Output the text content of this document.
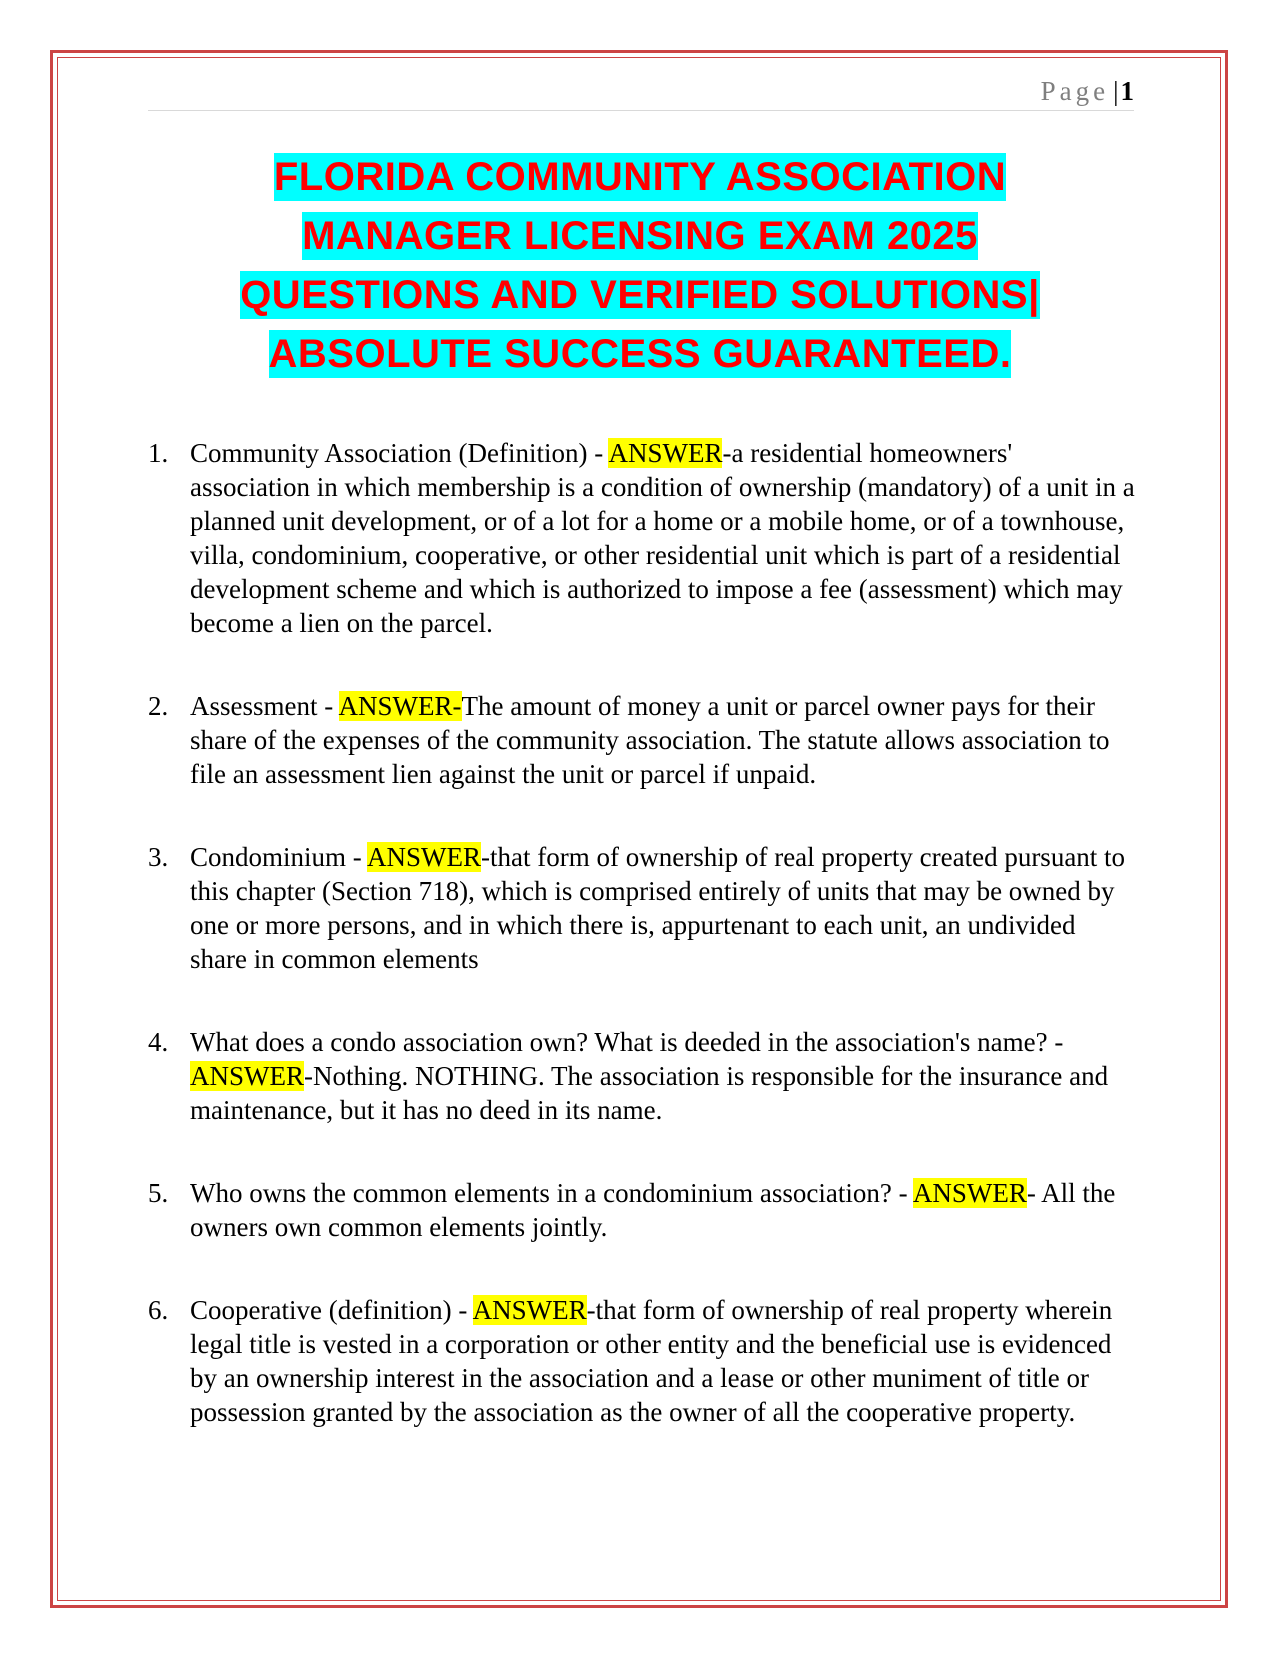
Page |1
FLORIDA COMMUNITY ASSOCIATION
MANAGER LICENSING EXAM 2025
QUESTIONS AND VERIFIED SOLUTIONS|
ABSOLUTE SUCCESS GUARANTEED.
1. Community Association (Definition) - ANSWER-a residential homeowners' association in which membership is a condition of ownership (mandatory) of a unit in a planned unit development, or of a lot for a home or a mobile home, or of a townhouse, villa, condominium, cooperative, or other residential unit which is part of a residential development scheme and which is authorized to impose a fee (assessment) which may become a lien on the parcel.
2. Assessment - ANSWER-The amount of money a unit or parcel owner pays for their share of the expenses of the community association. The statute allows association to file an assessment lien against the unit or parcel if unpaid.
3. Condominium - ANSWER-that form of ownership of real property created pursuant to this chapter (Section 718), which is comprised entirely of units that may be owned by one or more persons, and in which there is, appurtenant to each unit, an undivided share in common elements
4. What does a condo association own? What is deeded in the association's name? - ANSWER-Nothing. NOTHING. The association is responsible for the insurance and maintenance, but it has no deed in its name.
5. Who owns the common elements in a condominium association? - ANSWER- All the owners own common elements jointly.
6. Cooperative (definition) - ANSWER-that form of ownership of real property wherein legal title is vested in a corporation or other entity and the beneficial use is evidenced by an ownership interest in the association and a lease or other muniment of title or possession granted by the association as the owner of all the cooperative property.
